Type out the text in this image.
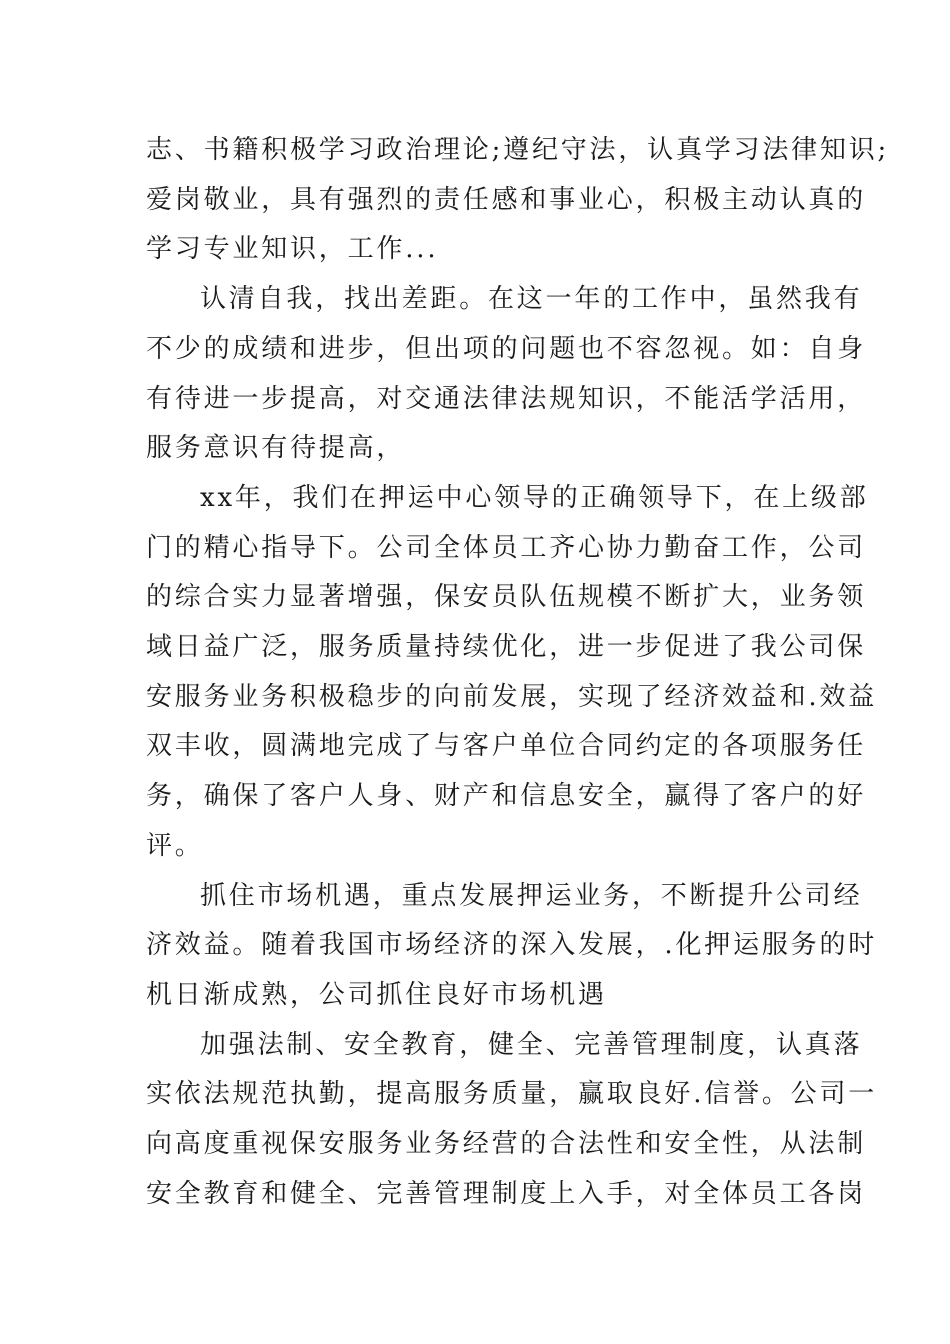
志、书籍积极学习政治理论;遵纪守法，认真学习法律知识;
爱岗敬业，具有强烈的责任感和事业心，积极主动认真的
学习专业知识，工作...

认清自我，找出差距。在这一年的工作中，虽然我有
不少的成绩和进步，但出项的问题也不容忽视。如：自身
有待进一步提高，对交通法律法规知识，不能活学活用，
服务意识有待提高，

xx年，我们在押运中心领导的正确领导下，在上级部
门的精心指导下。公司全体员工齐心协力勤奋工作，公司
的综合实力显著增强，保安员队伍规模不断扩大，业务领
域日益广泛，服务质量持续优化，进一步促进了我公司保
安服务业务积极稳步的向前发展，实现了经济效益和.效益
双丰收，圆满地完成了与客户单位合同约定的各项服务任
务，确保了客户人身、财产和信息安全，赢得了客户的好
评。

抓住市场机遇，重点发展押运业务，不断提升公司经
济效益。随着我国市场经济的深入发展，.化押运服务的时
机日渐成熟，公司抓住良好市场机遇

加强法制、安全教育，健全、完善管理制度，认真落
实依法规范执勤，提高服务质量，赢取良好.信誉。公司一
向高度重视保安服务业务经营的合法性和安全性，从法制
安全教育和健全、完善管理制度上入手，对全体员工各岗
